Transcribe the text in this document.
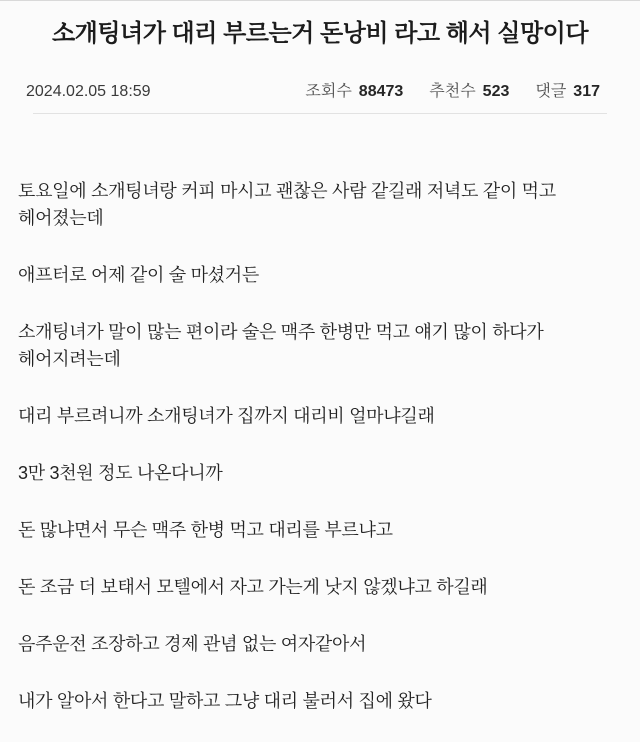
소개팅녀가 대리 부르는거 돈낭비 라고 해서 실망이다
2024.02.05 18:59	조회수 88473 추천수 523 댓글 317

토요일에 소개팅녀랑 커피 마시고 괜찮은 사람 같길래 저녁도 같이 먹고 헤어졌는데

애프터로 어제 같이 술 마셨거든

소개팅녀가 말이 많는 편이라 술은 맥주 한병만 먹고 얘기 많이 하다가 헤어지려는데

대리 부르려니까 소개팅녀가 집까지 대리비 얼마냐길래

3만 3천원 정도 나온다니까

돈 많냐면서 무슨 맥주 한병 먹고 대리를 부르냐고

돈 조금 더 보태서 모텔에서 자고 가는게 낫지 않겠냐고 하길래

음주운전 조장하고 경제 관념 없는 여자같아서

내가 알아서 한다고 말하고 그냥 대리 불러서 집에 왔다
